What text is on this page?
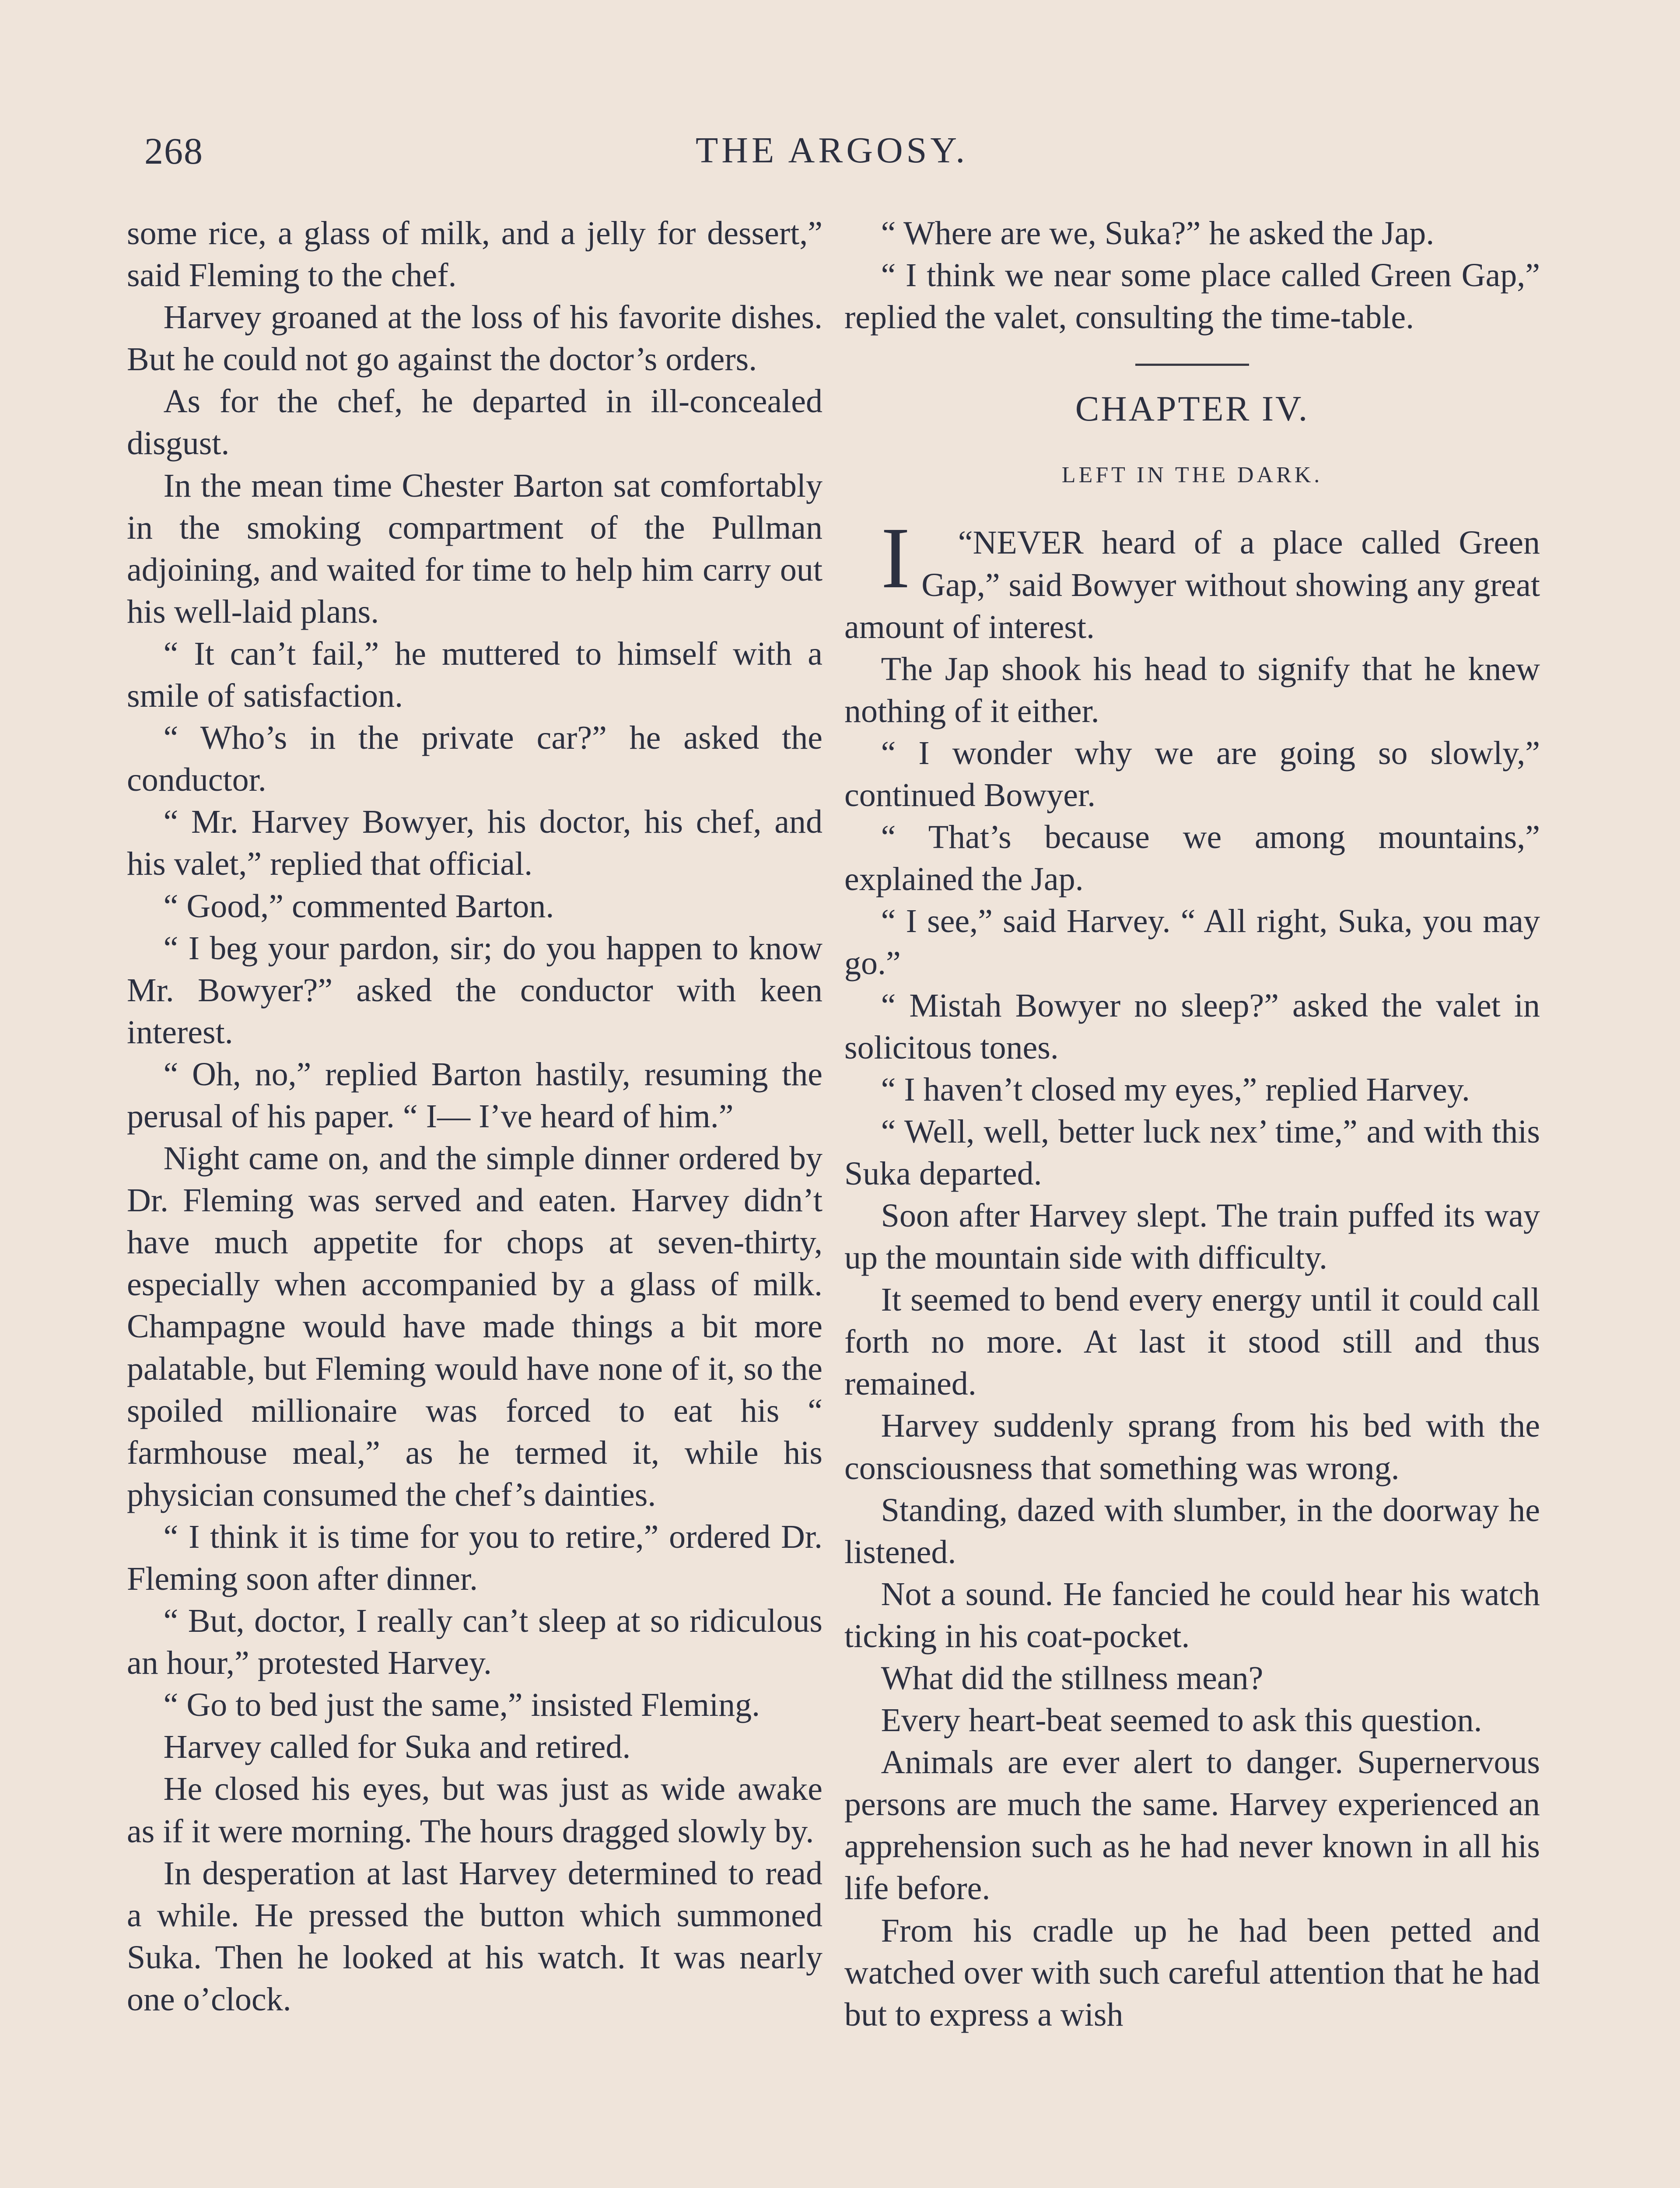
268	THE ARGOSY.

some rice, a glass of milk, and a jelly for dessert,” said Fleming to the chef.

Harvey groaned at the loss of his favorite dishes. But he could not go against the doctor’s orders.

As for the chef, he departed in ill-concealed disgust.

In the mean time Chester Barton sat comfortably in the smoking compartment of the Pullman adjoining, and waited for time to help him carry out his well-laid plans.

“ It can’t fail,” he muttered to himself with a smile of satisfaction.

“ Who’s in the private car?” he asked the conductor.

“ Mr. Harvey Bowyer, his doctor, his chef, and his valet,” replied that official.

“ Good,” commented Barton.

“ I beg your pardon, sir; do you happen to know Mr. Bowyer?” asked the conductor with keen interest.

“ Oh, no,” replied Barton hastily, resuming the perusal of his paper. “ I— I’ve heard of him.”

Night came on, and the simple dinner ordered by Dr. Fleming was served and eaten. Harvey didn’t have much appetite for chops at seven-thirty, especially when accompanied by a glass of milk. Champagne would have made things a bit more palatable, but Fleming would have none of it, so the spoiled millionaire was forced to eat his “ farmhouse meal,” as he termed it, while his physician consumed the chef’s dainties.

“ I think it is time for you to retire,” ordered Dr. Fleming soon after dinner.

“ But, doctor, I really can’t sleep at so ridiculous an hour,” protested Harvey.

“ Go to bed just the same,” insisted Fleming.

Harvey called for Suka and retired.

He closed his eyes, but was just as wide awake as if it were morning. The hours dragged slowly by.

In desperation at last Harvey determined to read a while. He pressed the button which summoned Suka. Then he looked at his watch. It was nearly one o’clock.

“ Where are we, Suka?” he asked the Jap.

“ I think we near some place called Green Gap,” replied the valet, consulting the time-table.

CHAPTER IV.
LEFT IN THE DARK.

“
I NEVER heard of a place called Green Gap,” said Bowyer without showing any great amount of interest.

The Jap shook his head to signify that he knew nothing of it either.

“ I wonder why we are going so slowly,” continued Bowyer.

“ That’s because we among mountains,” explained the Jap.

“ I see,” said Harvey. “ All right, Suka, you may go.”

“ Mistah Bowyer no sleep?” asked the valet in solicitous tones.

“ I haven’t closed my eyes,” replied Harvey.

“ Well, well, better luck nex’ time,” and with this Suka departed.

Soon after Harvey slept. The train puffed its way up the mountain side with difficulty.

It seemed to bend every energy until it could call forth no more. At last it stood still and thus remained.

Harvey suddenly sprang from his bed with the consciousness that something was wrong.

Standing, dazed with slumber, in the doorway he listened.

Not a sound. He fancied he could hear his watch ticking in his coat-pocket.

What did the stillness mean?

Every heart-beat seemed to ask this question.

Animals are ever alert to danger. Supernervous persons are much the same. Harvey experienced an apprehension such as he had never known in all his life before.

From his cradle up he had been petted and watched over with such careful attention that he had but to express a wish
